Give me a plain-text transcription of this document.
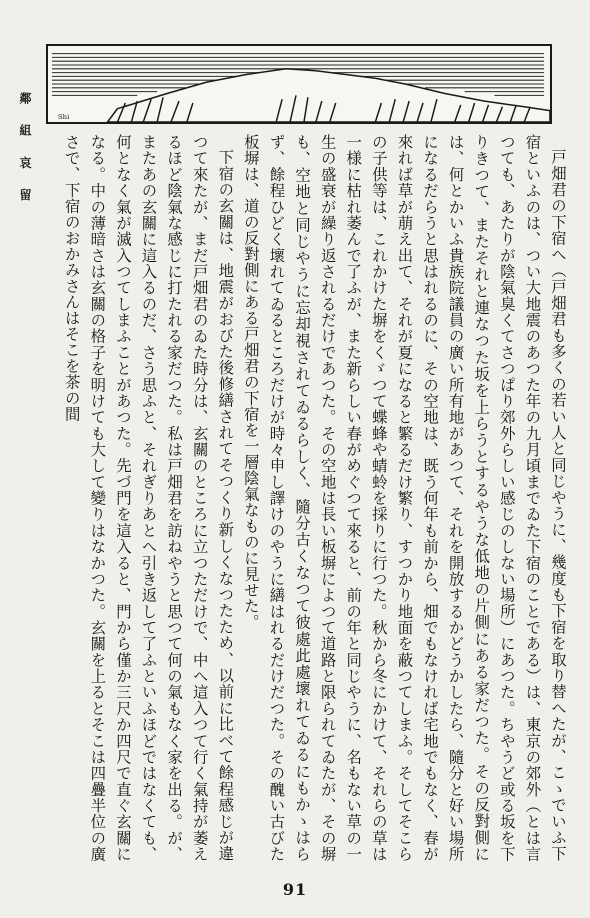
Shi
鄰 組 哀 留	戸畑君の下宿へ（戸畑君も多くの若い人と同じやうに、幾度も下宿を取り替へたが、こゝでいふ下宿といふのは、つい大地震のあつた年の九月頃までゐた下宿のことである）は、東京の郊外（とは言つても、あたりが陰氣臭くてさつぱり郊外らしい感じのしない場所）にあつた。ちやうど或る坂を下りきつて、またそれと連なつた坂を上らうとするやうな低地の片側にある家だつた。その反對側には、何とかいふ貴族院議員の廣い所有地があつて、それを開放するかどうかしたら、隨分と好い場所になるだらうと思はれるのに、その空地は、既う何年も前から、畑でもなければ宅地でもなく、春が來れば草が萠え出て、それが夏になると繁るだけ繁り、すつかり地面を蔽つてしまふ。そしてそこらの子供等は、これかけた塀をくゞつて蝶蜂や蜻蛉を採りに行つた。秋から冬にかけて、それらの草は一様に枯れ萎んで了ふが、また新らしい春がめぐつて來ると、前の年と同じやうに、名もない草の一生の盛衰が繰り返されるだけであつた。その空地は長い板塀によつて道路と限られてゐたが、その塀も、空地と同じやうに忘却視されてゐるらしく、隨分古くなつて彼處此處壞れてゐるにもかゝはらず、餘程ひどく壞れてゐるところだけが時々申し譯けのやうに繕はれるだけだつた。その醜い古びた板塀は、道の反對側にある戸畑君の下宿を一層陰氣なものに見せた。

下宿の玄關は、地震がおびた後修繕されてそつくり新しくなつたため、以前に比べて餘程感じが違つて來たが、まだ戸畑君のゐた時分は、玄關のところに立つただけで、中へ這入つて行く氣持が萎えるほど陰氣な感じに打たれる家だつた。私は戸畑君を訪ねやうと思つて何の氣もなく家を出る。が、またあの玄關に這入るのだ、さう思ふと、それぎりあとへ引き返して了ふといふほどではなくても、何となく氣が滅入つてしまふことがあつた。先づ門を這入ると、門から僅か三尺か四尺で直ぐ玄關になる。中の薄暗さは玄關の格子を明けても大して變りはなかつた。玄關を上るとそこは四疊半位の廣さで、下宿のおかみさんはそこを茶の間

91
